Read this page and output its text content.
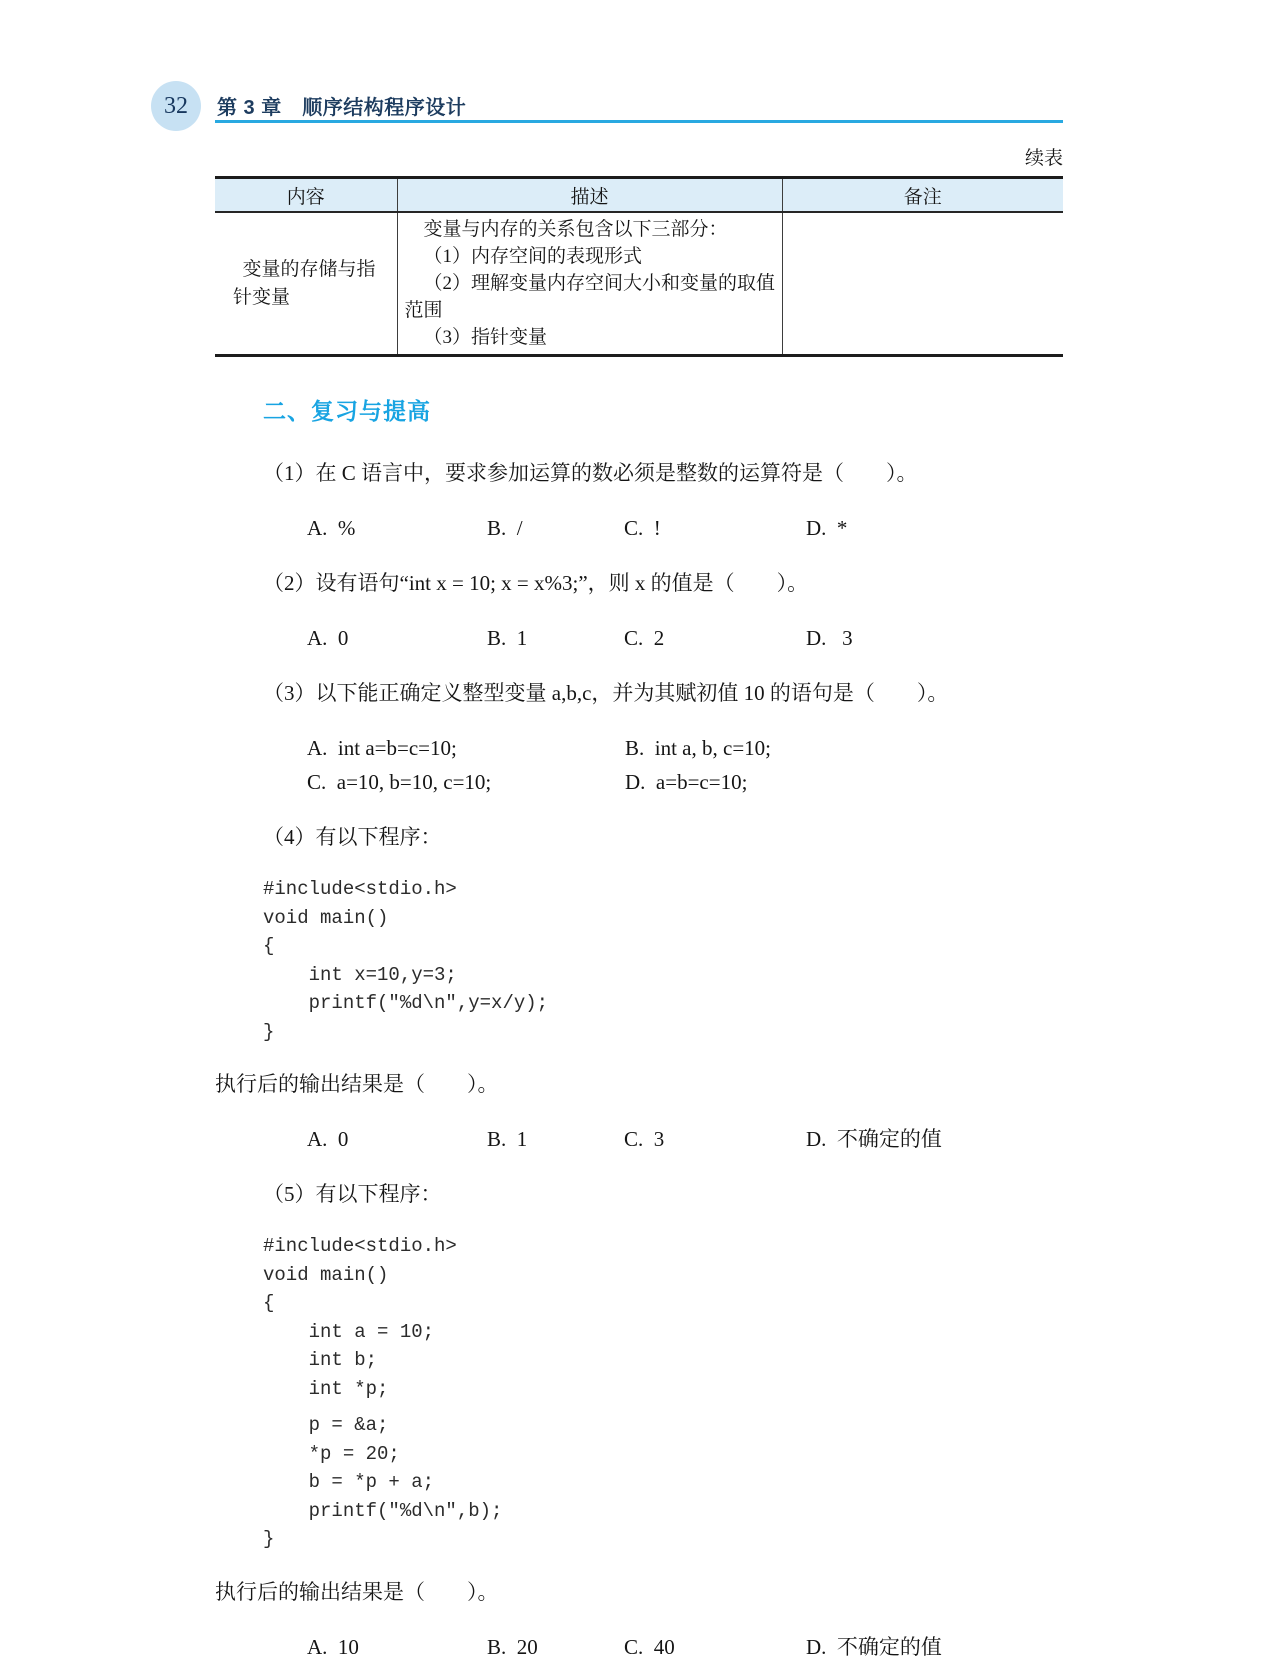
32 第 3 章　顺序结构程序设计
续表
内容	描述	备注

变量的存储与指针变量	变量与内存的关系包含以下三部分：
（1）内存空间的表现形式
（2）理解变量内存空间大小和变量的取值
范围
（3）指针变量	

二、复习与提高

（1）在 C 语言中，要求参加运算的数必须是整数的运算符是（　　）。

A.  %	B.  /	C.  !	D.  *

（2）设有语句“int x = 10; x = x%3;”，则 x 的值是（　　）。

A.  0	B.  1	C.  2	D.   3

（3）以下能正确定义整型变量 a,b,c，并为其赋初值 10 的语句是（　　）。

A.  int a=b=c=10;	B.  int a, b, c=10;
C.  a=10, b=10, c=10;	D.  a=b=c=10;

（4）有以下程序：

#include<stdio.h>
void main()
{
int x=10,y=3;
printf("%d\n",y=x/y);
}

执行后的输出结果是（　　）。

A.  0	B.  1	C.  3	D.  不确定的值

（5）有以下程序：

#include<stdio.h>
void main()
{
int a = 10;
int b;
int *p;
p = &a;
*p = 20;
b = *p + a;
printf("%d\n",b);
}

执行后的输出结果是（　　）。

A.  10	B.  20	C.  40	D.  不确定的值
